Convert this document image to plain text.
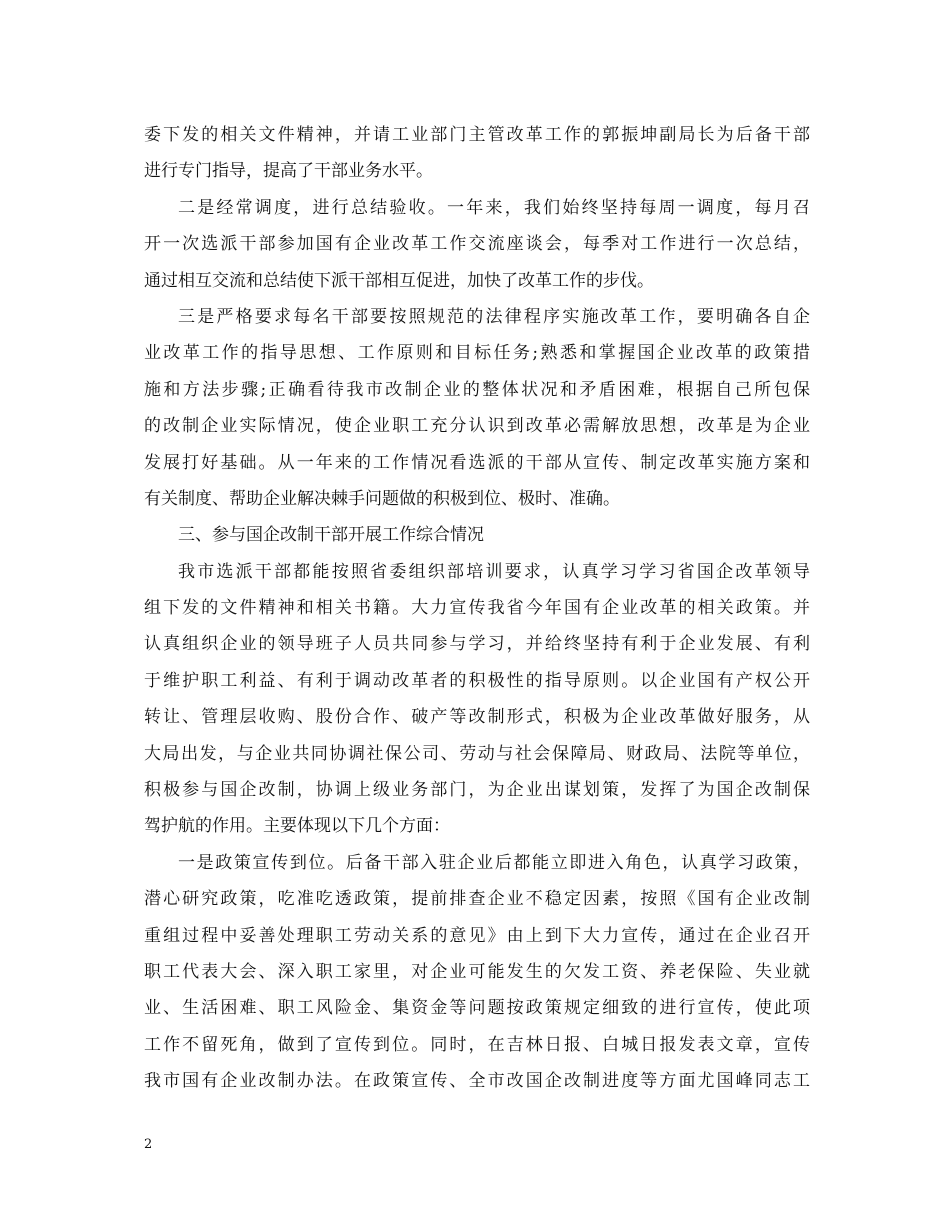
委下发的相关文件精神，并请工业部门主管改革工作的郭振坤副局长为后备干部
进行专门指导，提高了干部业务水平。
二是经常调度，进行总结验收。一年来，我们始终坚持每周一调度，每月召
开一次选派干部参加国有企业改革工作交流座谈会，每季对工作进行一次总结，
通过相互交流和总结使下派干部相互促进，加快了改革工作的步伐。
三是严格要求每名干部要按照规范的法律程序实施改革工作，要明确各自企
业改革工作的指导思想、工作原则和目标任务;熟悉和掌握国企业改革的政策措
施和方法步骤;正确看待我市改制企业的整体状况和矛盾困难，根据自己所包保
的改制企业实际情况，使企业职工充分认识到改革必需解放思想，改革是为企业
发展打好基础。从一年来的工作情况看选派的干部从宣传、制定改革实施方案和
有关制度、帮助企业解决棘手问题做的积极到位、极时、准确。
三、参与国企改制干部开展工作综合情况
我市选派干部都能按照省委组织部培训要求，认真学习学习省国企改革领导
组下发的文件精神和相关书籍。大力宣传我省今年国有企业改革的相关政策。并
认真组织企业的领导班子人员共同参与学习，并给终坚持有利于企业发展、有利
于维护职工利益、有利于调动改革者的积极性的指导原则。以企业国有产权公开
转让、管理层收购、股份合作、破产等改制形式，积极为企业改革做好服务，从
大局出发，与企业共同协调社保公司、劳动与社会保障局、财政局、法院等单位，
积极参与国企改制，协调上级业务部门，为企业出谋划策，发挥了为国企改制保
驾护航的作用。主要体现以下几个方面：
一是政策宣传到位。后备干部入驻企业后都能立即进入角色，认真学习政策，
潜心研究政策，吃准吃透政策，提前排查企业不稳定因素，按照《国有企业改制
重组过程中妥善处理职工劳动关系的意见》由上到下大力宣传，通过在企业召开
职工代表大会、深入职工家里，对企业可能发生的欠发工资、养老保险、失业就
业、生活困难、职工风险金、集资金等问题按政策规定细致的进行宣传，使此项
工作不留死角，做到了宣传到位。同时，在吉林日报、白城日报发表文章，宣传
我市国有企业改制办法。在政策宣传、全市改国企改制进度等方面尤国峰同志工
2
